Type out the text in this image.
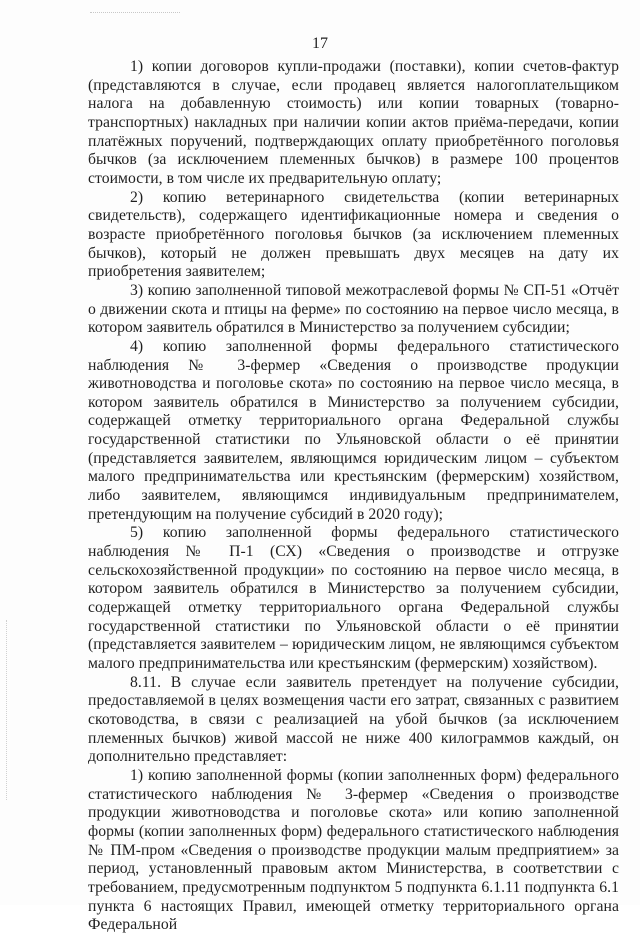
17

1) копии договоров купли-продажи (поставки), копии счетов-фактур (представляются в случае, если продавец является налогоплательщиком налога на добавленную стоимость) или копии товарных (товарно-транспортных) накладных при наличии копии актов приёма-передачи, копии платёжных поручений, подтверждающих оплату приобретённого поголовья бычков (за исключением племенных бычков) в размере 100 процентов стоимости, в том числе их предварительную оплату;

2) копию ветеринарного свидетельства (копии ветеринарных свидетельств), содержащего идентификационные номера и сведения о возрасте приобретённого поголовья бычков (за исключением племенных бычков), который не должен превышать двух месяцев на дату их приобретения заявителем;

3) копию заполненной типовой межотраслевой формы № СП-51 «Отчёт о движении скота и птицы на ферме» по состоянию на первое число месяца, в котором заявитель обратился в Министерство за получением субсидии;

4) копию заполненной формы федерального статистического наблюдения № 3-фермер «Сведения о производстве продукции животноводства и поголовье скота» по состоянию на первое число месяца, в котором заявитель обратился в Министерство за получением субсидии, содержащей отметку территориального органа Федеральной службы государственной статистики по Ульяновской области о её принятии (представляется заявителем, являющимся юридическим лицом – субъектом малого предпринимательства или крестьянским (фермерским) хозяйством, либо заявителем, являющимся индивидуальным предпринимателем, претендующим на получение субсидий в 2020 году);

5) копию заполненной формы федерального статистического наблюдения № П-1 (СХ) «Сведения о производстве и отгрузке сельскохозяйственной продукции» по состоянию на первое число месяца, в котором заявитель обратился в Министерство за получением субсидии, содержащей отметку территориального органа Федеральной службы государственной статистики по Ульяновской области о её принятии (представляется заявителем – юридическим лицом, не являющимся субъектом малого предпринимательства или крестьянским (фермерским) хозяйством).

8.11. В случае если заявитель претендует на получение субсидии, предоставляемой в целях возмещения части его затрат, связанных с развитием скотоводства, в связи с реализацией на убой бычков (за исключением племенных бычков) живой массой не ниже 400 килограммов каждый, он дополнительно представляет:

1) копию заполненной формы (копии заполненных форм) федерального статистического наблюдения № 3-фермер «Сведения о производстве продукции животноводства и поголовье скота» или копию заполненной формы (копии заполненных форм) федерального статистического наблюдения № ПМ-пром «Сведения о производстве продукции малым предприятием» за период, установленный правовым актом Министерства, в соответствии с требованием, предусмотренным подпунктом 5 подпункта 6.1.11 подпункта 6.1 пункта 6 настоящих Правил, имеющей отметку территориального органа Федеральной
